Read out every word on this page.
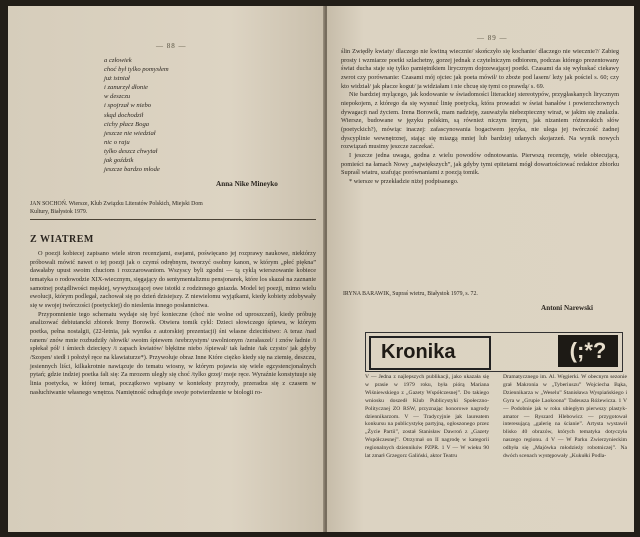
— 88 —
a człowiek
choć był tylko pomysłem
już istniał
i zanurzył dłonie
w deszczu
i spojrzał w niebo
skąd dochodził
cichy płacz Boga
jeszcze nie wiedział
nic o raju
tylko deszcz chwytał
jak goździk
jeszcze bardzo młode
Anna Nike Mineyko
JAN SOCHOŃ. Wiersze, Klub Związku Literatów Polskich, Miejski Dom
Kultury, Białystok 1979.
Z WIATREM

O poezji kobiecej zapisano wiele stron recenzjami, esejami, poświęcano jej rozprawy naukowe, niektórzy próbowali mówić nawet o tej poezji jak o czymś odrębnym, tworzyć osobny kanon, w którym „płeć piękna” dawałaby upust swoim chuciom i rozczarowaniom. Wszyscy byli zgodni — tą cyklą wierszowanie kobiece tematyka o rodowodzie XIX-wiecznym, sięgający do sentymentalizmu pensjonarek, które los skazał na zaznanie samotnej pożądliwości męskiej, wywyższającej owe istotki z rodzinnego gniazda. Model tej poezji, mimo wielu ewolucji, którym podlegał, zachował się po dzień dzisiejszy. Z niewielomu wyjątkami, kiedy kobiety zdobywały się w swojej twórczości (poetyckiej) do nieslenia innego posłannictwa.

Przypomnienie tego schematu wydaje się być konieczne (choć nie wolne od uproszczeń), kiedy próbuję analizować debiutancki zbiorek Ireny Borowik. Otwiera tomik cykl: Dzieci słowiczego śpiewu, w którym poetka, pełna nostalgii, (22-letnia, jak wynika z autorskiej prezentacji) śni własne dzieciństwo: A teraz /nad ranem/ znów mnie rozbudziły /słowik/ swoim śpiewem /srebrzystym/ uwolnionym /zerałaszel/ i znów ładnie /i spłekał pół/ i śmiech dziecięcy /i zapach kwiatów/ błękitne niebo /śpiewał/ tak ładnie /tak czysto/ jak gdyby /Szopen/ siedł i położył ręce na klawiaturze*). Przywołuje obraz Inne Które ciężko kiedy się na ziemię, deszczu, jesiennych liści, kilkakrotnie nawiązuje do tematu wiosny, w którym pojawia się wiele egzystencjonalnych pytań; gdzie indziej poetka fali się: Za mrozem uległy się choć /tylko grzej/ moje ręce. Wyraźnie konstytuuje się linia poetycka, w której temat, początkowo wpisany w konteksty przyrody, przeradza się z czasem w nasłuchiwanie własnego wnętrza. Namiętność odnajduje swoje potwierdzenie w biologii ro-

— 89 —

ślin Zwiędły kwiaty/ dlaczego nie kwitną wiecznie/ skończyło się kochanie/ dlaczego nie wiecznie?/ Zabieg prosty i wzmiarze poetki szlachetny, gorzej jednak z czytelniczym odbiorem, podczas którego prezentowany świat ducha staje się tylko pamiętnikiem lirycznym dojrzewającej poetki. Czasami da się wyłuskać ciekawy zwrot czy porównanie: Czasami mój ojciec jak poeta mówił/ to zboże pod lasem/ leży jak pościel s. 60; czy kto widział/ jak płacze kogut/ ja widziałam i nie chcuę się tymi co prawdą/ s. 69.

Nie bardziej mylącego, jak kodowanie w świadomości literackiej stereotypów, przygłaskanych lirycznym niepokojem, z którego da się wysnuć linię poetycką, która prowadzi w świat banałów i powierzchownych dywagacji nad życiem. Irena Borowik, mam nadzieję, zauważyła niebezpieczny wiraż, w jakim się znalazła. Wiersze, budowane w języku polskim, są również niczym innym, jak nizaniem różnorakich słów (poetyckich?), mówiąc inaczej: zafascynowania bogactwem języka, nie ulega jej twórczość żadnej dyscyplinie wewnętrznej, stając się miazgą mniej lub bardziej udanych skojarzeń. Na wynik nowych rozwiązań musimy jeszcze zaczekać.

I jeszcze jedna uwaga, godna z wielu powodów odnotowania. Pierwszą recenzję, wiele obiecującą, pomieści na łamach Nowy „największych”, jak gdyby tymi epitetami mógł dowartościować redaktor zbiorku Supraśl wiatru, szafując porównaniami z poezją tomik.

* wiersze w przekładzie niżej podpisanego.

IRYNA BARAWIK, Supraś wietru, Białystok 1979, s. 72.
Antoni Narewski
Kronika	(;*?

V — Jedna z najlepszych publikacji, jako ukazała się w prasie w 1979 roku, była piórą Mariana Wiśniewskiego z „Gazety Współczesnej”. Do takiego wniosku doszedł Klub Publicystyki Społeczno-Politycznej ZO RSW, przyznając honorowe nagrody dziennikarzom. V — Tradycyjnie jak laureatem konkursu na publicystykę partyjną, ogłoszonego przez „Życie Partii”, został Stanisław Dawroń z „Gazety Współczesnej”. Otrzymał on II nagrodę w kategorii regionalnych dzienników PZPR. 1 V — W wieku 90 lat zmarł Grzegorz Galiński, aktor Teatru

Dramatycznego im. Al. Węgierki. W obecnym sezonie grał Makronia w „Tyberiuszu” Wojciecha Bąka, Dziennikarza w „Weselu” Stanisława Wyspiańskiego i Gyra w „Grupie Laokoona” Tadeusza Różewicza. 1 V — Podobnie jak w roku ubiegłym pierwszy plastyk-amator — Ryszard Hlebowicz — przygotował interesującą „galerię na ścianie”. Artysta wystawił blisko 40 obrazów, których tematyka dotyczyła naszego regionu. 4 V — W Parku Zwierzynieckim odbyła się „Majówka młodzieży robotniczej”. Na dwóch scenach występowały „Kukułki Podla-
